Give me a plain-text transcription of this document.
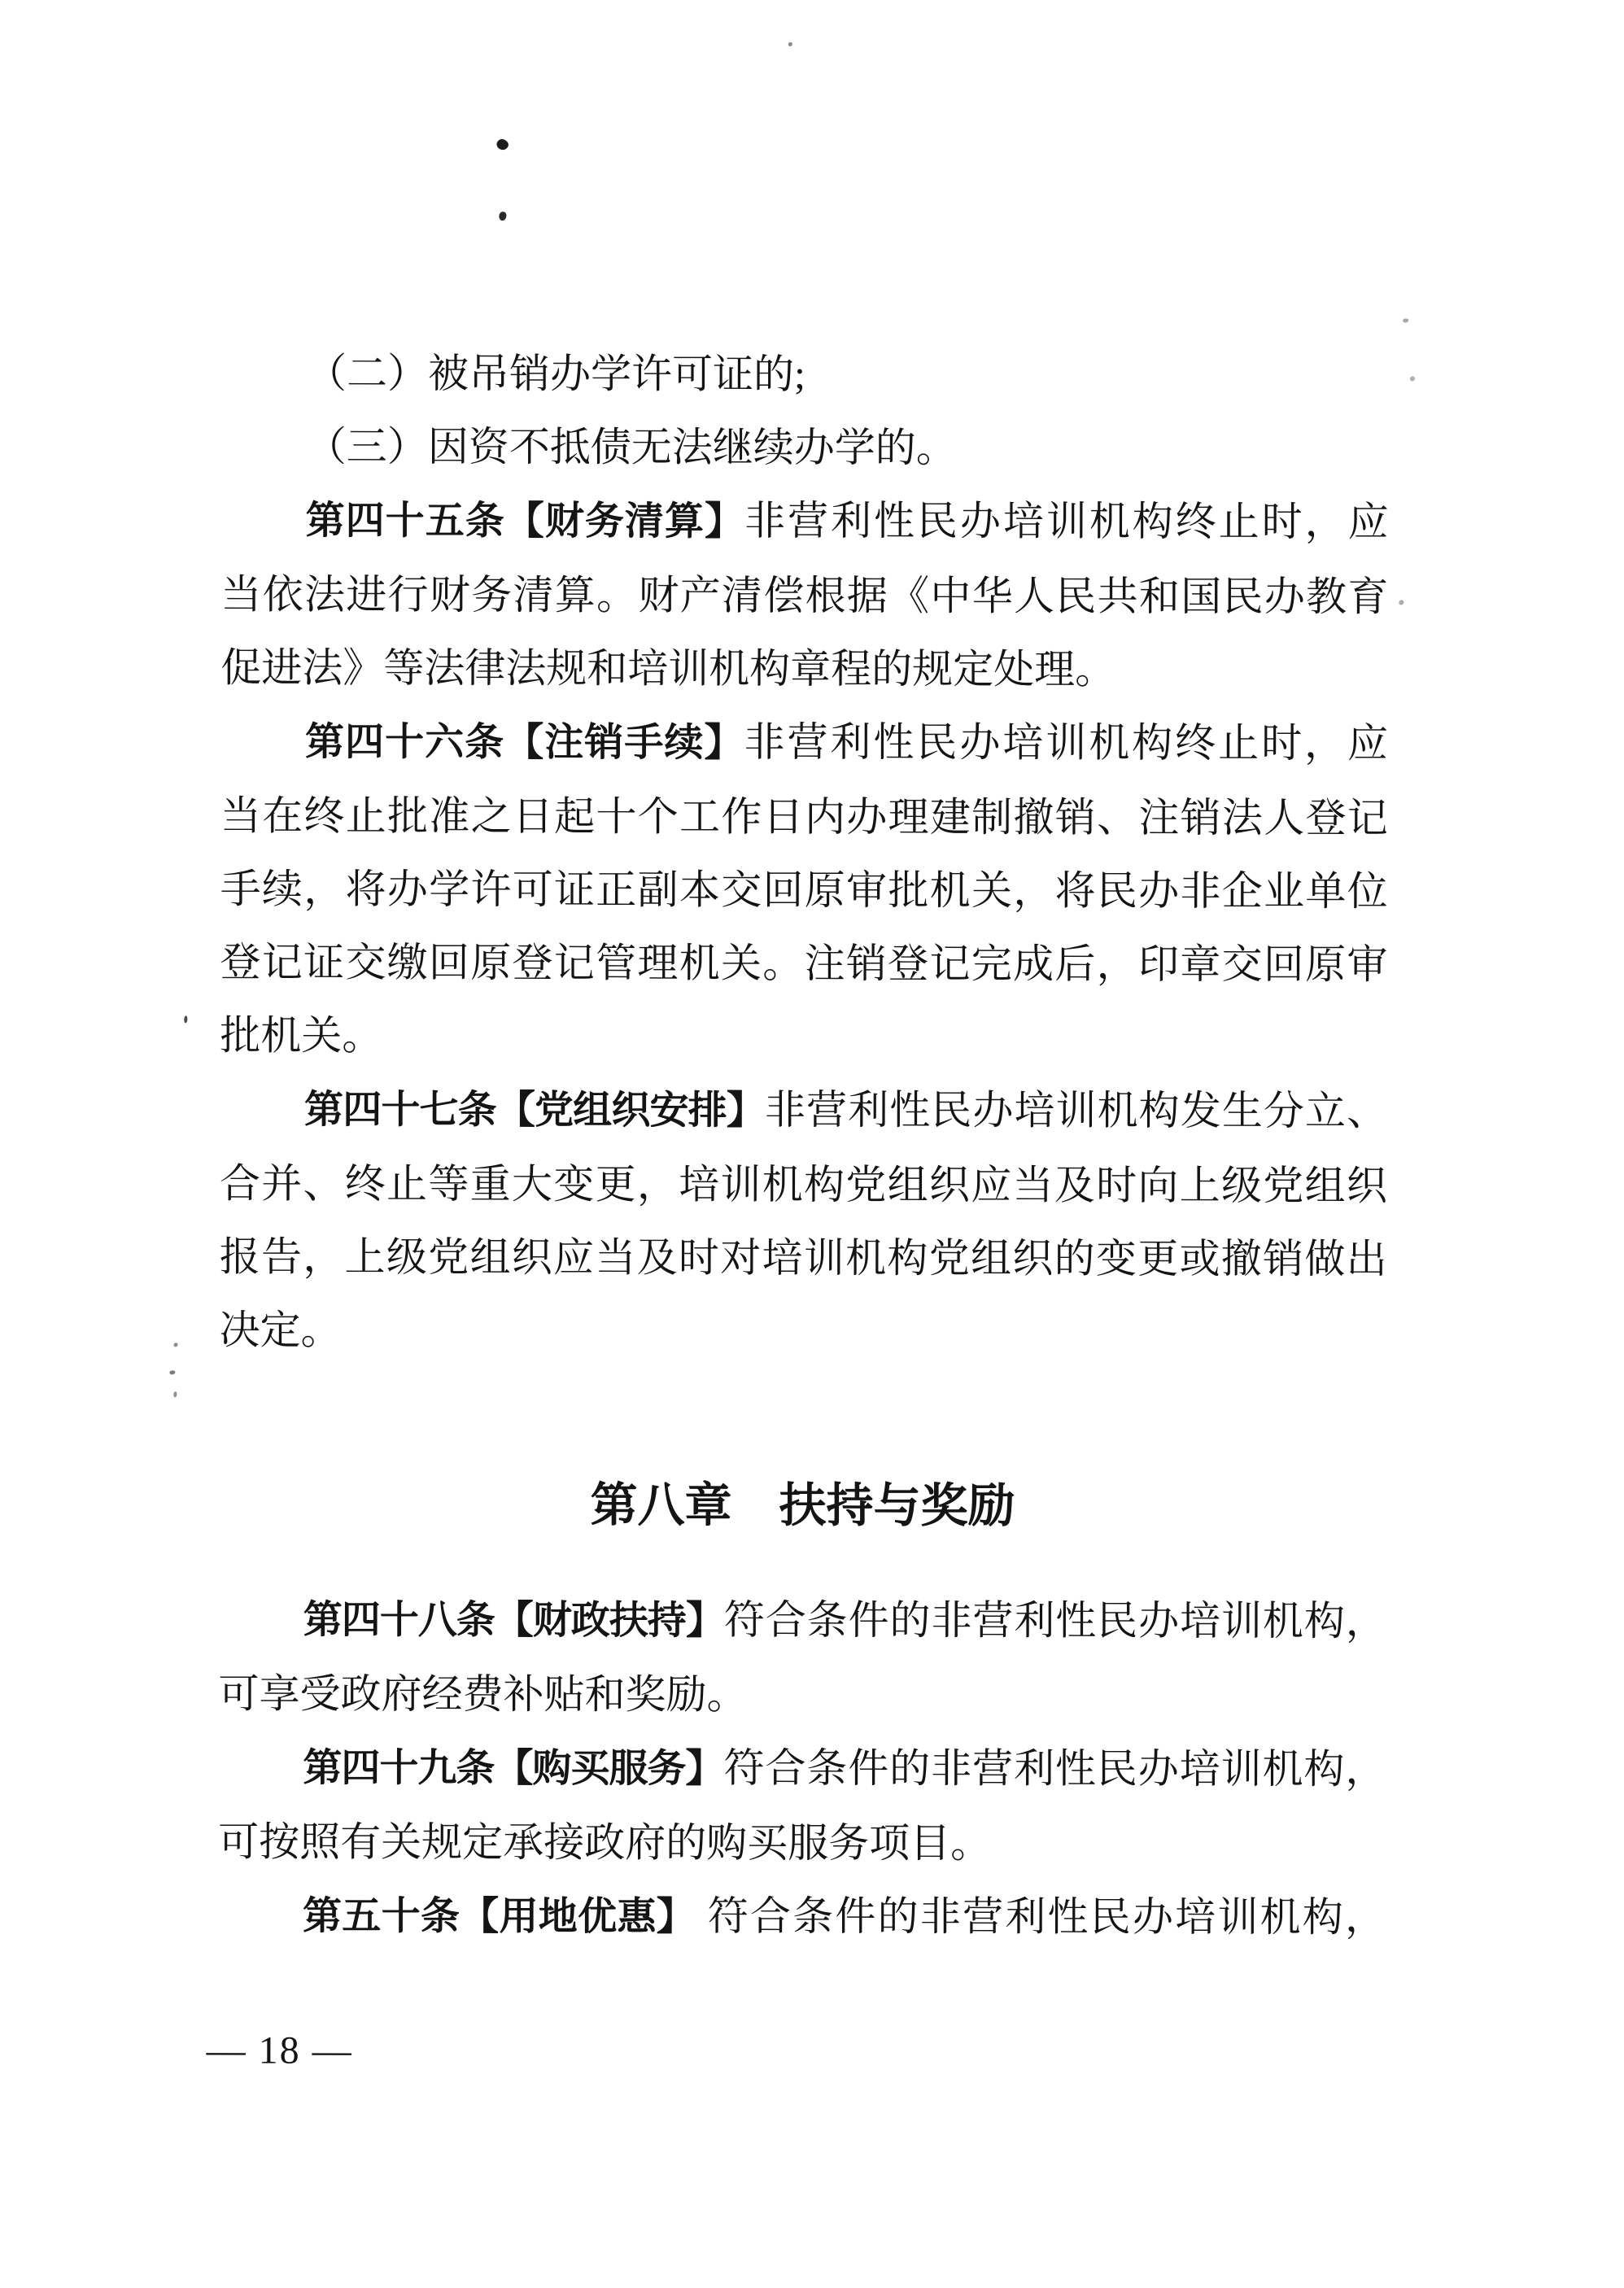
（二）被吊销办学许可证的;
（三）因资不抵债无法继续办学的。
第四十五条【财务清算】非营利性民办培训机构终止时，应
当依法进行财务清算。财产清偿根据《中华人民共和国民办教育
促进法》等法律法规和培训机构章程的规定处理。
第四十六条【注销手续】非营利性民办培训机构终止时，应
当在终止批准之日起十个工作日内办理建制撤销、注销法人登记
手续，将办学许可证正副本交回原审批机关，将民办非企业单位
登记证交缴回原登记管理机关。注销登记完成后，印章交回原审
批机关。
第四十七条【党组织安排】非营利性民办培训机构发生分立、
合并、终止等重大变更，培训机构党组织应当及时向上级党组织
报告，上级党组织应当及时对培训机构党组织的变更或撤销做出
决定。
第八章　扶持与奖励
第四十八条【财政扶持】符合条件的非营利性民办培训机构，
可享受政府经费补贴和奖励。
第四十九条【购买服务】符合条件的非营利性民办培训机构，
可按照有关规定承接政府的购买服务项目。
第五十条【用地优惠】 符合条件的非营利性民办培训机构，
— 18 —
